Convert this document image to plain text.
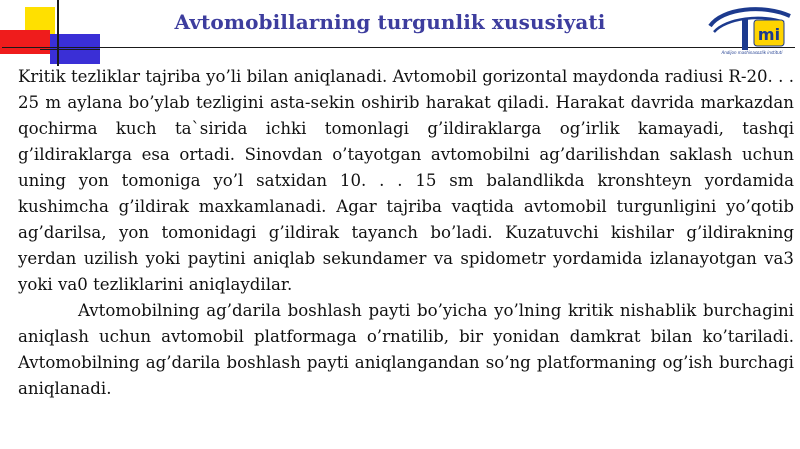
Avtomobillarning turgunlik xususiyati
mi
Andijon mashinasozlik instituti

Kritik tezliklar tajriba yo’li bilan aniqlanadi. Avtomobil gorizontal maydonda radiusi R-20. . . 25 m aylana bo’ylab tezligini asta-sekin oshirib harakat qiladi. Harakat davrida markazdan qochirma kuch ta`sirida ichki tomonlagi g’ildiraklarga og’irlik kamayadi, tashqi g’ildiraklarga esa ortadi. Sinovdan o’tayotgan avtomobilni ag’darilishdan saklash uchun uning yon tomoniga yo’l satxidan 10. . . 15 sm balandlikda kronshteyn yordamida kushimcha g’ildirak maxkamlanadi. Agar tajriba vaqtida avtomobil turgunligini yo’qotib ag’darilsa, yon tomonidagi g’ildirak tayanch bo’ladi. Kuzatuvchi kishilar g’ildirakning yerdan uzilish yoki paytini aniqlab sekundamer va spidometr yordamida izlanayotgan va3 yoki va0 tezliklarini aniqlaydilar.

Avtomobilning ag’darila boshlash payti bo’yicha yo’lning kritik nishablik burchagini aniqlash uchun avtomobil platformaga o’rnatilib, bir yonidan damkrat bilan ko’tariladi. Avtomobilning ag’darila boshlash payti aniqlangandan so’ng platformaning og’ish burchagi aniqlanadi.
